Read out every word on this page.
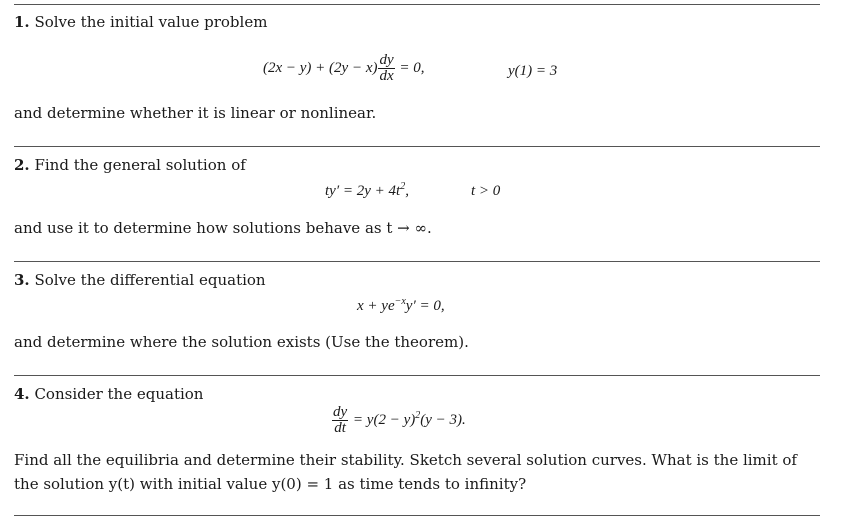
1. Solve the initial value problem
$(2x - y) + (2y - x) \frac{dy}{dx} = 0$,	y(1) = 3
and determine whether it is linear or nonlinear.
2. Find the general solution of
$ty' = 2y + 4t^2$,	t > 0
and use it to determine how solutions behave as t → ∞.
3. Solve the differential equation
$x + ye^{-x}y' = 0$,
and determine where the solution exists (Use the theorem).
4. Consider the equation
$\frac{dy}{dt} = y(2 - y)^2(y - 3)$.
Find all the equilibria and determine their stability. Sketch several solution curves. What is the limit of the solution y(t) with initial value y(0) = 1 as time tends to infinity?
